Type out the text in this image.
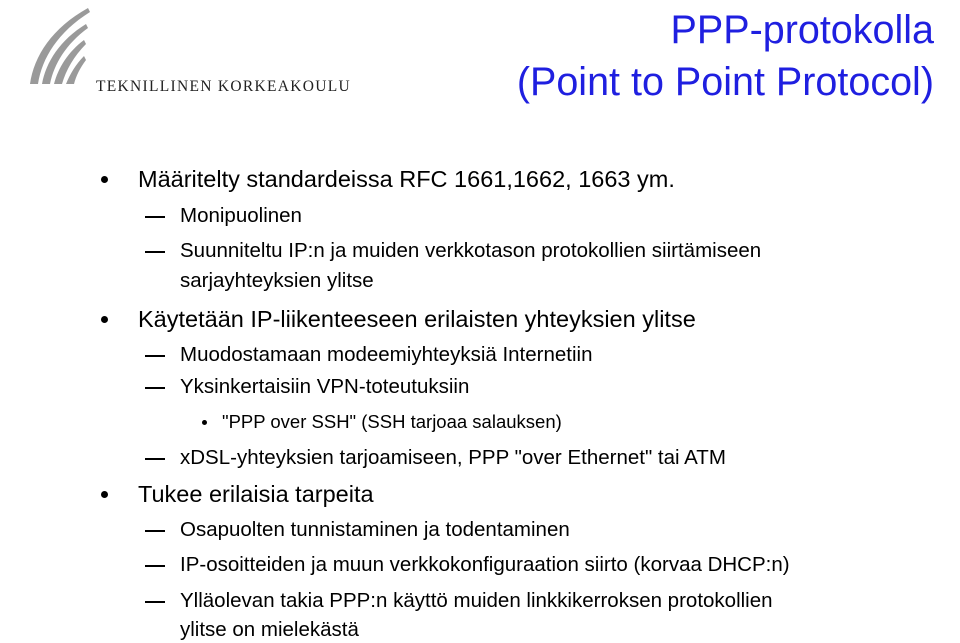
TEKNILLINEN KORKEAKOULU
PPP-protokolla
(Point to Point Protocol)
Määritelty standardeissa RFC 1661,1662, 1663 ym.
Monipuolinen
Suunniteltu IP:n ja muiden verkkotason protokollien siirtämiseen
sarjayhteyksien ylitse
Käytetään IP-liikenteeseen erilaisten yhteyksien ylitse
Muodostamaan modeemiyhteyksiä Internetiin
Yksinkertaisiin VPN-toteutuksiin
"PPP over SSH" (SSH tarjoaa salauksen)
xDSL-yhteyksien tarjoamiseen, PPP "over Ethernet" tai ATM
Tukee erilaisia tarpeita
Osapuolten tunnistaminen ja todentaminen
IP-osoitteiden ja muun verkkokonfiguraation siirto (korvaa DHCP:n)
Ylläolevan takia PPP:n käyttö muiden linkkikerroksen protokollien
ylitse on mielekästä
